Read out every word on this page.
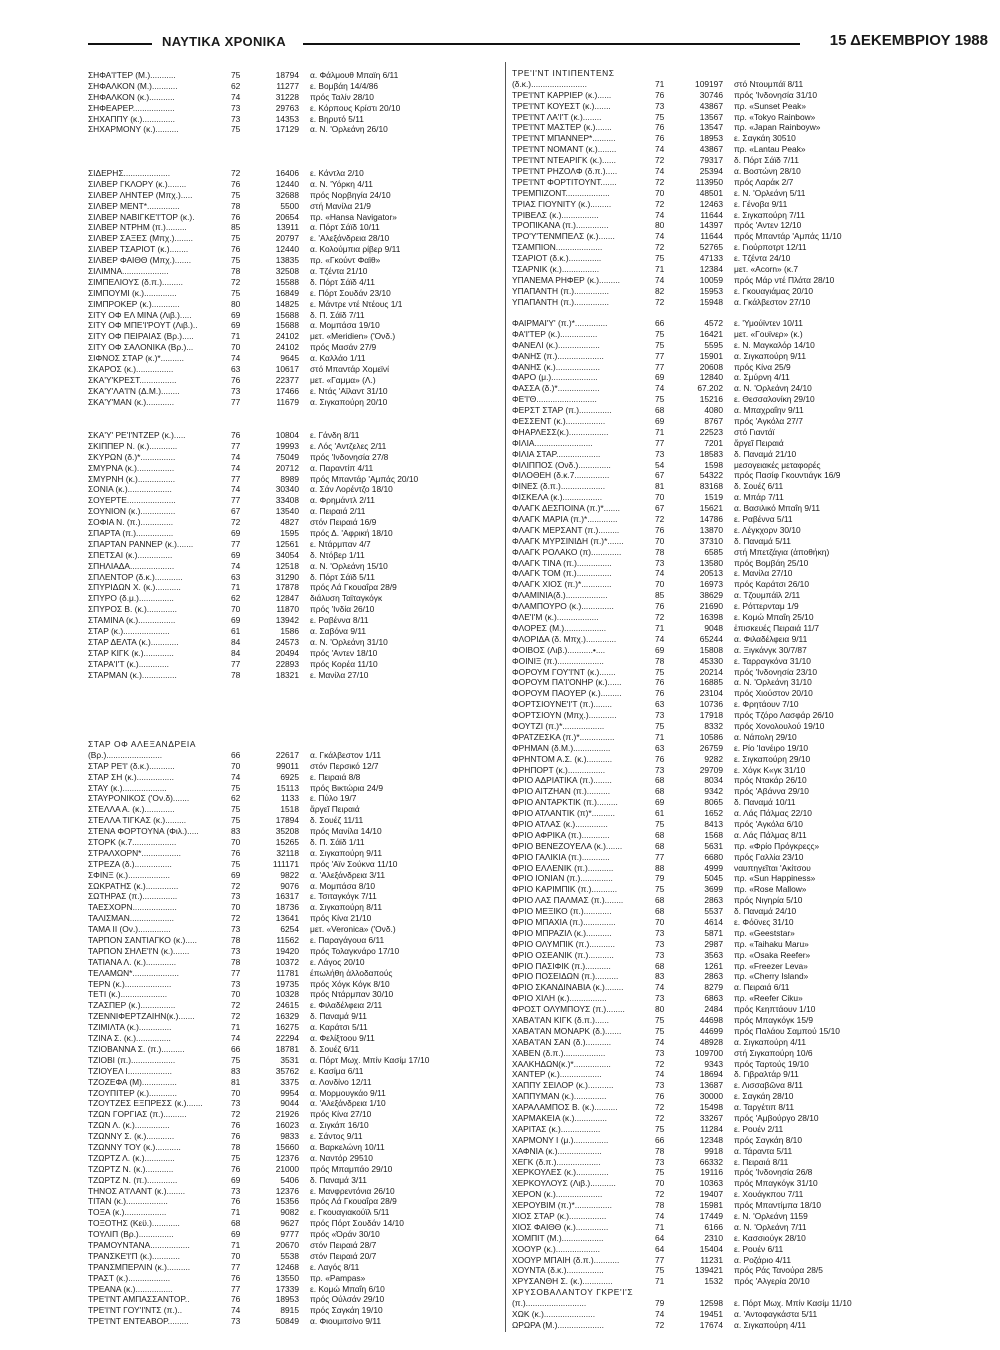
ΝΑΥΤΙΚΑ ΧΡΟΝΙΚΑ	15 ΔΕΚΕΜΒΡΙΟΥ 1988
ΣΗΦΑ'Ι'ΤΕΡ (Μ.)...........	75	18794 α. Φάλμουθ Μπαϊη 6/11
ΣΗΦΑΛΚΟΝ (Μ.)...........	62	11277 ε. Βομβάη 14/4/86
ΣΗΦΑΛΚΟΝ (κ.)...........	74	31228 πρός Ταλίν 28/10
ΣΗΦΕΑΡΕΡ..................	73	29763 ε. Κόρπους Κρίστι 20/10
ΣΗΧΑΠΠΥ (κ.)..............	73	14353 ε. Βηρυτό 5/11
ΣΗΧΑΡΜΟΝΥ (κ.)..........	75	17129 α. Ν. 'Ορλεάνη 26/10
ΣΙΔΕΡΗΣ....................	72	16406 ε. Κάντλα 2/10
ΣΙΛΒΕΡ ΓΚΛΟΡΥ (κ.)........	76	12440 α. Ν. 'Υόρκη 4/11
ΣΙΛΒΕΡ ΛΗΝΤΕΡ (Μπχ.).....	75	32688 πρός Νορβηγία 24/10
ΣΙΛΒΕΡ ΜΕΝΤ*..............	78	5500 στή Μανίλα 21/9
ΣΙΛΒΕΡ ΝΑΒΙΓΚΕ'Ι'ΤΟΡ (κ.).	76	20654 πρ. «Hansa Navigator»
ΣΙΛΒΕΡ ΝΤΡΗΜ (π.).........	85	13911 α. Πόρτ Σάϊδ 10/11
ΣΙΛΒΕΡ ΣΑΞΕΣ (Μπχ.)........	75	20797 ε. 'Αλεξάνδρεια 28/10
ΣΙΛΒΕΡ ΤΣΑΡΙΟΤ (κ.)........	76	12440 α. Κολούμπια ρίβερ 9/11
ΣΙΛΒΕΡ ΦΑΙΘΘ (Μπχ.).......	75	13835 πρ. «Γκούντ Φαϊθ»
ΣΙΛΙΜΝΑ....................	78	32508 α. Τζέντα 21/10
ΣΙΜΠΕΛΙΟΥΣ (δ.π.).........	72	15588 δ. Πόρτ Σάϊδ 4/11
ΣΙΜΠΟΥΜΙ (κ.)..............	75	16849 ε. Πόρτ Σουδάν 23/10
ΣΙΜΠΡΟΚΕΡ (κ.)............	80	14825 ε. Μάντρε ντέ Ντέους 1/1
ΣΙΤΥ ΟΦ ΕΛ ΜΙΝΑ (Λιβ.).....	69	15688 δ. Π. Σάϊδ 7/11
ΣΙΤΥ ΟΦ ΜΠΕ'Ι'ΡΟΥΤ (Λιβ.)..	69	15688 α. Μομπάσα 19/10
ΣΙΤΥ ΟΦ ΠΕΙΡΑΙΑΣ (Βρ.).....	71	24102 μετ. «Meridien» ('Ονδ.)
ΣΙΤΥ ΟΦ ΣΑΛΟΝΙΚΑ (Βρ.)...	70	24102 πρός Μασάν 27/9
ΣΙΦΝΟΣ ΣΤΑΡ (κ.)*..........	74	9645 α. Καλλάο 1/11
ΣΚΑΡΟΣ (κ.)................	63	10617 στό Μπαντάρ Χομεϊνί
ΣΚΑ'Υ'ΚΡΕΣΤ................	76	22377 μετ. «Γαμμα» (Λ.)
ΣΚΑ'Υ'ΛΑ'Ι'Ν (Δ.Μ.)........	73	17466 ε. Ντάς 'Αϊλαντ 31/10
ΣΚΑ'Υ'ΜΑΝ (κ.)............	77	11679 α. Σιγκαπούρη 20/10
ΣΚΑ'Υ' ΡΕ'Ι'ΝΤΖΕΡ (κ.).....	76	10804 ε. Γάνδη 8/11
ΣΚΙΠΠΕΡ Ν. (κ.)............	77	19993 ε. Λός 'Αντζελες 2/11
ΣΚΥΡΩΝ (δ.)*...............	74	75049 πρός 'Ινδονησία 27/8
ΣΜΥΡΝΑ (κ.)................	74	20712 α. Παραντίπ 4/11
ΣΜΥΡΝΗ (κ.)................	77	8989 πρός Μπαντάρ 'Αμπάς 20/10
ΣΟΝΙΑ (κ.)...................	74	30340 α. Σάν Λορέντζο 18/10
ΣΟΥΕΡΤΕ.....................	77	33408 α. Φρημάντλ 2/11
ΣΟΥΝΙΟΝ (κ.)...............	67	13540 α. Πειραιά 2/11
ΣΟΦΙΑ Ν. (π.)..............	72	4827 στόν Πειραιά 16/9
ΣΠΑΡΤΑ (π.)................	69	1595 πρός Δ. 'Αφρική 18/10
ΣΠΑΡΤΑΝ ΡΑΝΝΕΡ (κ.).......	77	12561 ε. Ντάρμπαν 4/7
ΣΠΕΤΣΑΙ (κ.)...............	69	34054 δ. Ντόβερ 1/11
ΣΠΗΛΙΑΔΑ...................	74	12518 α. Ν. 'Ορλεάνη 15/10
ΣΠΛΕΝΤΟΡ (δ.κ.)............	63	31290 δ. Πόρτ Σάϊδ 5/11
ΣΠΥΡΙΔΩΝ Χ. (κ.)...........	71	17878 πρός Λά Γκουαΐρα 28/9
ΣΠΥΡΟ (δ.μ.)...............	62	12847 διάλυση Ταϊταγκόγκ
ΣΠΥΡΟΣ Β. (κ.).............	70	11870 πρός 'Ινδία 26/10
ΣΤΑΜΙΝΑ (κ.)................	69	13942 ε. Ραβέννα 8/11
ΣΤΑΡ (κ.)....................	61	1586 α. Σαβόνα 9/11
ΣΤΑΡ ΔΕΛΤΑ (κ.)............	84	24573 α. Ν. 'Ορλεάνη 31/10
ΣΤΑΡ ΚΙΓΚ (κ.).............	84	20494 πρός 'Αντεν 18/10
ΣΤΑΡΑ'Ι'Τ (κ.).............	77	22893 πρός Κορέα 11/10
ΣΤΑΡΜΑΝ (κ.)...............	78	18321 ε. Μανίλα 27/10
ΣΤΑΡ ΟΦ ΑΛΕΞΑΝΔΡΕΙΑ
(Βρ.)........................	66	22617 α. Γκάλβεστον 1/11
ΣΤΑΡ ΡΕ'Ι' (δ.κ.)...........	70	99011 στόν Περσικό 12/7
ΣΤΑΡ ΣΗ (κ.)................	74	6925 ε. Πειραιά 8/8
ΣΤΑΥ (κ.)...................	75	15113 πρός Βικτώρια 24/9
ΣΤΑΥΡΟΝΙΚΟΣ ('Ον.δ).......	62	1133 ε. Πύλο 19/7
ΣΤΕΛΛΑ Α. (κ.).............	75	1518 ἄργεῖ Πειραιά
ΣΤΕΛΛΑ ΤΙΓΚΑΣ (κ.).........	75	17894 δ. Σουέζ 11/11
ΣΤΕΝΑ ΦΟΡΤΟΥΝΑ (Φιλ.).....	83	35208 πρός Μανίλα 14/10
ΣΤΟΡΚ (κ.7...................	70	15265 δ. Π. Σάϊδ 1/11
ΣΤΡΑΛΧΟΡΝ*.................	76	32118 α. Σιγκαπούρη 9/11
ΣΤΡΕΖΑ (δ.)................	75	111171 πρός 'Αϊν Σούκνα 11/10
ΣΦΙΝΞ (κ.)..................	69	9822 α. 'Αλεξάνδρεια 3/11
ΣΩΚΡΑΤΗΣ (κ.)..............	72	9076 α. Μομπάσα 8/10
ΣΩΤΗΡΑΣ (π.)...............	73	16317 ε. Τσιταγκόγκ 7/11
ΤΑΕΣΧΟΡΝ...................	70	18736 α. Σιγκαπούρη 8/11
ΤΑΛΙΣΜΑΝ...................	72	13641 πρός Κίνα 21/10
ΤΑΜΑ ΙΙ (Ον.)..............	73	6254 μετ. «Veronica» ('Ονδ.)
ΤΑΡΠΟΝ ΣΑΝΤΙΑΓΚΟ (κ.).....	78	11562 ε. Παραγάγουα 6/11
ΤΑΡΠΟΝ ΣΗΛΕ'Ι'Ν (κ.).......	73	19420 πρός Τολαγκνάρο 17/10
ΤΑΤΙΑΝΑ Λ. (κ.).............	78	10372 ε. Λάγος 20/10
ΤΕΛΑΜΩΝ*....................	77	11781 έπωλήθη ἀλλοδαπούς
ΤΕΡΝ (κ.)....................	73	19735 πρός Χόγκ Κόγκ 8/10
ΤΕΤΙ (κ.)....................	70	10328 πρός Ντάρμπαν 30/10
ΤΖΑΣΠΕΡ (κ.)...............	72	24615 ε. Φιλαδέλφεια 2/11
ΤΖΕΝΝΙΦΕΡΤΖΑΙΗΝ(κ.).......	72	16329 δ. Παναμά 9/11
ΤΖΙΜΙΛΤΑ (κ.)..............	71	16275 α. Καράτσι 5/11
ΤΖΙΝΑ Σ. (κ.)...............	74	22294 α. Φελίξτοου 9/11
ΤΖΙΟΒΑΝΝΑ Σ. (π.)..........	66	18781 δ. Σουέζ 6/11
ΤΖΙΟΒΙ (π.)...................	75	3531 α. Πόρτ Μωχ. Μπίν Κασίμ 17/10
ΤΖΙΟΥΕΛ Ι...................	83	35762 ε. Κασίμα 6/11
ΤΖΟΖΕΦΑ (Μ)...............	81	3375 α. Λονδίνο 12/11
ΤΖΟΥΠΙΤΕΡ (κ.)............	70	9954 α. Μορμουγκάο 9/11
ΤΖΟΥΤΖΕΣ ΕΞΠΡΕΣΣ (κ.).......	73	9044 α. 'Αλεξάνδρεια 1/10
ΤΖΩΝ ΓΟΡΓΙΑΣ (π.)..........	72	21926 πρός Κίνα 27/10
ΤΖΩΝ Λ. (κ.)...............	76	16023 α. Σιγκάπ 16/10
ΤΖΩΝΝΥ Σ. (κ.)............	76	9833 ε. Σάντος 9/11
ΤΖΩΝΝΥ ΤΟΥ (κ.)...........	78	15660 α. Βαρκελώνη 10/11
ΤΖΩΡΤΖ Λ. (κ.).............	75	12376 α. Ναντόρ 29510
ΤΖΩΡΤΖ Ν. (κ.)............	76	21000 πρός Μπαμπάο 29/10
ΤΖΩΡΤΖ Ν. (π.).............	69	5406 δ. Παναμά 3/11
ΤΗΝΟΣ Α'Ι'ΛΑΝΤ (κ.)........	73	12376 ε. Μανφρεντόνια 26/10
ΤΙΤΑΝ (κ.)..................	76	15356 πρός Λά Γκουαΐρα 28/9
ΤΟΞΑ (κ.)..................	71	9082 ε. Γκουαγιακούϊλ 5/11
ΤΟΞΟΤΗΣ (Κεϋ.)............	68	9627 πρός Πόρτ Σουδάν 14/10
ΤΟΥΛΙΠ (Βρ.)...............	69	9777 πρός «Όράν 30/10
ΤΡΑΜΟΥΝΤΑΝΑ.................	71	20670 στόν Πειραιά 28/7
ΤΡΑΝΣΚΕ'Ι'Π (κ.)............	70	5538 στόν Πειραιά 20/7
ΤΡΑΝΣΜΠΕΡΛΙΝ (κ.)..........	77	12468 ε. Λαγός 8/11
ΤΡΑΣΤ (κ.)..................	76	13550 πρ. «Pampas»
ΤΡΕΑΝΑ (κ.)................	77	17339 ε. Κομώ Μπαΐη 6/10
ΤΡΕ'Ι'ΝΤ ΑΜΠΑΣΣΑΝΤΟΡ..	76	18953 πρός Ούλσάν 29/10
ΤΡΕ'Ι'ΝΤ ΓΟΥ'Ι'ΝΤΣ (π.)..	74	8915 πρός Σαγκάη 19/10
ΤΡΕ'Ι'ΝΤ ΕΝΤΕΑΒΟΡ.........	73	50849 α. Φιουμιτσίνο 9/11
ΤΡΕ'Ι'ΝΤ ΙΝΤΙΠΕΝΤΕΝΣ
(δ.κ.)........................	71	109197 στό Ντουμπάϊ 8/11
ΤΡΕ'Ι'ΝΤ ΚΑΡΡΙΕΡ (κ.)......	76	30746 πρός 'Ινδονησία 31/10
ΤΡΕ'Ι'ΝΤ ΚΟΥΕΣΤ (κ.).......	73	43867 πρ. «Sunset Peak»
ΤΡΕ'Ι'ΝΤ ΛΑ'Ι'Τ (κ.)........	75	13567 πρ. «Tokyo Rainbow»
ΤΡΕ'Ι'ΝΤ ΜΑΣΤΕΡ (κ.).......	76	13547 πρ. «Japan Rainboyw»
ΤΡΕ'Ι'ΝΤ ΜΠΑΝΝΕΡ*..........	76	18953 ε. Σαγκάη 30510
ΤΡΕ'Ι'ΝΤ ΝΟΜΑΝΤ (κ.)........	74	43867 πρ. «Lantau Peak»
ΤΡΕ'Ι'ΝΤ ΝΤΕΑΡΙΓΚ (κ.)......	72	79317 δ. Πόρτ Σάϊδ 7/11
ΤΡΕ'Ι'ΝΤ ΡΗΖΟΛΦ (δ.π.).....	74	25394 α. Βοστώνη 28/10
ΤΡΕ'Ι'ΝΤ ΦΟΡΤΙΤΟΥΝΤ.......	72	113950 πρός Λαράκ 2/7
ΤΡΕΜΠΙΖΟΝΤ...................	70	48501 ε. Ν. 'Ορλεάνη 5/11
ΤΡΙΑΣ ΓΙΟΥΝΙΤΥ (κ.).........	72	12463 ε. Γένοβα 9/11
ΤΡΙΒΕΛΣ (κ.)................	74	11644 ε. Σιγκαπούρη 7/11
ΤΡΟΠΙΚΑΝΑ (π.)..............	80	14397 πρός 'Αντεν 12/10
ΤΡΟ'Υ'ΤΕΝΜΠΕΛΣ (κ.).......	74	11644 πρός Μπαντάρ 'Αμπάς 11/10
ΤΣΑΜΠΙΟΝ....................	72	52765 ε. Γιούρποτρτ 12/11
ΤΣΑΡΙΟΤ (δ.κ.)..............	75	47133 ε. Τζέντα 24/10
ΤΣΑΡΝΙΚ (κ.)................	71	12384 μετ. «Acorn» (κ.7
ΥΠΑΝΕΜΑ ΡΗΦΕΡ (κ.).........	74	10059 πρός Μάρ ντέ Πλάτα 28/10
ΥΠΑΠΑΝΤΗ (π.)...............	82	15953 ε. Γκουαγιάμας 20/10
ΥΠΑΠΑΝΤΗ (π.)...............	72	15948 α. Γκάλβεστον 27/10
ΦΑΙΡΜΑΙ'Υ' (π.)*..............	66	4572 ε. 'Υμούϊντεν 10/11
ΦΑ'Ι'ΤΕΡ (κ.)................	75	16421 μετ. «Γουϊνερ» (κ.)
ΦΑΝΕΛΙ (κ.)..................	75	5595 ε. Ν. Μαγκαλόρ 14/10
ΦΑΝΗΣ (π.)....................	77	15901 α. Σιγκαπούρη 9/11
ΦΑΝΗΣ (κ.)...................	77	20608 πρός Κίνα 25/9
ΦΑΡΟ (μ.)....................	69	12840 α. Σμύρνη 4/11
ΦΑΣΣΑ (δ.)*..................	74	67.202 α. Ν. 'Ορλεάνη 24/10
ΦΕ'Ι'Θ..........................	75	15216 ε. Θεσσαλονίκη 29/10
ΦΕΡΣΤ ΣΤΑΡ (π.)..............	68	4080 α. Μπαχραΐην 9/11
ΦΕΣΣΕΝΤ (κ.).................	69	8767 πρός 'Αγκόλα 27/7
ΦΗΑΡΛΕΣΣ(κ.).................	71	22523 στό Γιαντάϊ
ΦΙΛΙΑ.........................	77	7201 ἄργεῖ Πειραιά
ΦΙΛΙΑ ΣΤΑΡ...................	73	18583 δ. Παναμά 21/10
ΦΙΛΙΠΠΟΣ (Ονδ.)..............	54	1598 μεσογειακές μεταφορές
ΦΙΛΟΘΕΗ (δ.κ.7...............	67	54322 πρός Πασίφ Γκουντιάγκ 16/9
ΦΙΝΕΣ (δ.π.)...................	81	83168 δ. Σουέζ 6/11
ΦΙΣΚΕΛΑ (κ.).................	70	1519 α. Μπάρ 7/11
ΦΛΑΓΚ ΔΕΣΠΟΙΝΑ (π.)*.......	67	15621 α. Βασιλικό Μπαΐη 9/11
ΦΛΑΓΚ ΜΑΡΙΑ (π.)*.............	72	14786 ε. Ραβέννα 5/11
ΦΛΑΓΚ ΜΕΡΣΑΝΤ (π.).........	76	13870 ε. Λέγκχορν 30/10
ΦΛΑΓΚ ΜΥΡΣΙΝΙΔΗ (π.)*.......	70	37310 δ. Παναμά 5/11
ΦΛΑΓΚ ΡΟΛΑΚΟ (π).............	78	6585 στή Μπετζάγια (ἀποθήκη)
ΦΛΑΓΚ ΤΙΝΑ (π.)...............	73	13580 πρός Βομβάη 25/10
ΦΛΑΓΚ ΤΟΜ (π.)...............	74	20513 ε. Μανίλα 27/10
ΦΛΑΓΚ ΧΙΟΣ (π.)*.............	70	16973 πρός Καράτσι 26/10
ΦΛΑΜΙΝΙΑ(δ.)..................	85	38629 α. Τζουμπάϊλ 2/11
ΦΛΑΜΠΟΥΡΟ (κ.)..............	76	21690 ε. Ρόττερνταμ 1/9
ΦΛΕ'Ι'Μ (κ.)..................	72	16398 ε. Κομώ Μπαΐη 25/10
ΦΛΟΡΕΣ (Μ.)..................	71	9048 ἐπισκευές Πειραιά 11/7
ΦΛΟΡΙΔΑ (δ. Μπχ.).............	74	65244 α. Φιλαδέλφεια 9/11
ΦΟΙΒΟΣ (Λιβ.)...........•....	69	15808 α. Ξιγκάνγκ 30/7/87
ΦΟΙΝΙΞ (π.)....................	78	45330 ε. Ταρραγκόνα 31/10
ΦΟΡΟΥΜ ΓΟΥ'Ι'ΝΤ (κ.).......	75	20214 πρός 'Ινδονησία 23/10
ΦΟΡΟΥΜ ΠΑ'Ι'ΟΝΗΡ (κ.)......	76	16885 α. Ν. 'Ορλεάνη 31/10
ΦΟΡΟΥΜ ΠΑΟΥΕΡ (κ.).........	76	23104 πρός Χιούστον 20/10
ΦΟΡΤΣΙΟΥΝΕ'Ι'Τ (π.)........	63	10736 ε. Φρητάουν 7/10
ΦΟΡΤΣΙΟΥΝ (Μπχ.)............	73	17918 πρός Τζόρο Λασφάρ 26/10
ΦΟΥΤΖΙ (π.)*..................	75	8332 πρός Χονολουλού 19/10
ΦΡΑΤΖΕΣΚΑ (π.)*...............	71	10586 α. Νάπολη 29/10
ΦΡΗΜΑΝ (δ.Μ.)................	63	26759 ε. Ρίο 'Ιανέιρο 19/10
ΦΡΗΝΤΟΜ Α.Σ. (κ.)...........	76	9282 ε. Σιγκαπούρη 29/10
ΦΡΗΠΟΡΤ (κ.)................	73	29709 ε. Χόγκ Κ«γκ 31/10
ΦΡΙΟ ΑΔΡΙΑΤΙΚΑ (π.)........	68	8034 πρός Ντακάρ 26/10
ΦΡΙΟ ΑΙΤΖΗΑΝ (π.)..........	68	9342 πρός 'Αβάννα 29/10
ΦΡΙΟ ΑΝΤΑΡΚΤΙΚ (π.).........	69	8065 δ. Παναμά 10/11
ΦΡΙΟ ΑΤΛΑΝΤΙΚ (π)*..........	61	1652 α. Λάς Πάλμας 22/10
ΦΡΙΟ ΑΤΛΑΣ (κ.)..............	75	8413 πρός 'Αγκόλα 6/10
ΦΡΙΟ ΑΦΡΙΚΑ (π.)............	68	1568 α. Λάς Πάλμας 8/11
ΦΡΙΟ ΒΕΝΕΖΟΥΕΛΑ (κ.).......	68	5631 πρ. «Φρίο Πρόγκρεςς»
ΦΡΙΟ ΓΑΛΙΚΙΑ (π.)............	77	6680 πρός Γαλλία 23/10
ΦΡΙΟ ΕΛΛΕΝΙΚ (π.)...........	88	4999 ναυπηγεῖται 'Ακίτσου
ΦΡΙΟ ΙΟΝΙΑΝ (π.)..............	79	5045 πρ. «Sun Happiness»
ΦΡΙΟ ΚΑΡΙΜΠΙΚ (π.)...........	75	3699 πρ. «Rose Mallow»
ΦΡΙΟ ΛΑΣ ΠΑΛΜΑΣ (π.)........	68	2863 πρός Νιγηρία 5/10
ΦΡΙΟ ΜΕΞΙΚΟ (π.)............	68	5537 δ. Παναμά 24/10
ΦΡΙΟ ΜΠΑΧΙΑ (π.)..............	70	4614 ε. Φόϋνες 31/10
ΦΡΙΟ ΜΠΡΑΖΙΛ (κ.)...........	73	5871 πρ. «Geeststar»
ΦΡΙΟ ΟΛΥΜΠΙΚ (π.)...........	73	2987 πρ. «Taihaku Maru»
ΦΡΙΟ ΟΣΕΑΝΙΚ (π.)...........	73	3563 πρ. «Osaka Reefer»
ΦΡΙΟ ΠΑΣΙΦΙΚ (π.)...........	68	1261 πρ. «Freezer Leva»
ΦΡΙΟ ΠΟΣΕΙΔΩΝ (π.)..........	83	2863 πρ. «Cherry Island»
ΦΡΙΟ ΣΚΑΝΔΙΝΑΒΙΑ (κ.)........	74	8279 α. Πειραιά 6/11
ΦΡΙΟ ΧΙΛΗ (κ.)................	73	6863 πρ. «Reefer Ciku»
ΦΡΟΣΤ ΟΛΥΜΠΟΥΣ (π.)........	80	2484 πρός Κεηπτάουν 1/10
ΧΑΒΑ'Ι'ΑΝ ΚΙΓΚ (δ.π.)......	75	44698 πρός Μπαγκόγκ 15/9
ΧΑΒΑ'Ι'ΑΝ ΜΟΝΑΡΚ (δ.).......	75	44699 πρός Παλάου Σαμπού 15/10
ΧΑΒΑ'Ι'ΑΝ ΣΑΝ (δ.)...........	74	48928 α. Σιγκαπούρη 4/11
ΧΑΒΕΝ (δ.π.)..................	73	109700 στή Σιγκαπούρη 10/6
ΧΑΛΚΗΔΩΝ(κ.)*................	72	9343 πρός Ταρτούς 19/10
ΧΑΝΤΕΡ (κ.)..................	74	18694 δ. Γιβραλτάρ 9/11
ΧΑΠΠΥ ΣΕΙΛΟΡ (κ.)...........	73	13687 ε. Λισσαβῶνα 8/11
ΧΑΠΠΥΜΑΝ (κ.)..............	76	30000 ε. Σαγκάη 28/10
ΧΑΡΑΛΑΜΠΟΣ Β. (κ.)..........	72	15498 α. Ταργέτιπ 8/11
ΧΑΡΜΑΚΕΙΑ (κ.)..............	72	33267 πρός 'Αμβούργο 28/10
ΧΑΡΙΤΑΣ (κ.).................	75	11284 ε. Ρουέν 2/11
ΧΑΡΜΟΝΥ Ι (μ.)...............	66	12348 πρός Σαγκάη 8/10
ΧΑΦΝΙΑ (κ.)...................	78	9918 α. Τάραντα 5/11
ΧΕΓΚ (δ.π.)...................	73	66332 ε. Πειραιά 8/11
ΧΕΡΚΟΥΛΕΣ (κ.)..............	75	19116 πρός 'Ινδονησία 26/8
ΧΕΡΚΟΥΛΟΥΣ (Λιβ.)...........	70	10363 πρός Μπαγκόγκ 31/10
ΧΕΡΟΝ (κ.)....................	72	19407 ε. Χουάγκπου 7/11
ΧΕΡΟΥΒΙΜ (π.)*................	78	15981 πρός Μπαντίμπα 18/10
ΧΙΟΣ ΣΤΑΡ (κ.)................	74	17449 ε. Ν. 'Ορλεάνη 1159
ΧΙΟΣ ΦΑΙΘΘ (κ.)..............	71	6166 α. Ν. 'Ορλεάνη 7/11
ΧΟΜΠΙΤ (Μ.)..................	64	2310 ε. Κασσιούγκ 28/10
ΧΟΟΥΡ (κ.)...................	64	15404 ε. Ρουέν 6/11
ΧΟΟΥΡ ΜΠΑΙΗ (δ.π.)...........	77	11231 α. Ροζάριο 4/11
ΧΟΥΝΤΑ (δ.κ.)................	75	139421 πρός Ράς Τανούρα 28/5
ΧΡΥΣΑΝΘΗ Σ. (κ.).............	71	1532 πρός 'Αλγερία 20/10
ΧΡΥΣΟΒΑΛΑΝΤΟΥ ΓΚΡΕ'Ι'Σ
(π.)..........................	79	12598 ε. Πόρτ Μωχ. Μπίν Κασίμ 11/10
ΧΩΚ (κ.)......................	74	19451 α. 'Αντοφαγκάστα 5/11
ΩΡΩΡΑ (Μ.)....................	72	17674 α. Σιγκαπούρη 4/11
